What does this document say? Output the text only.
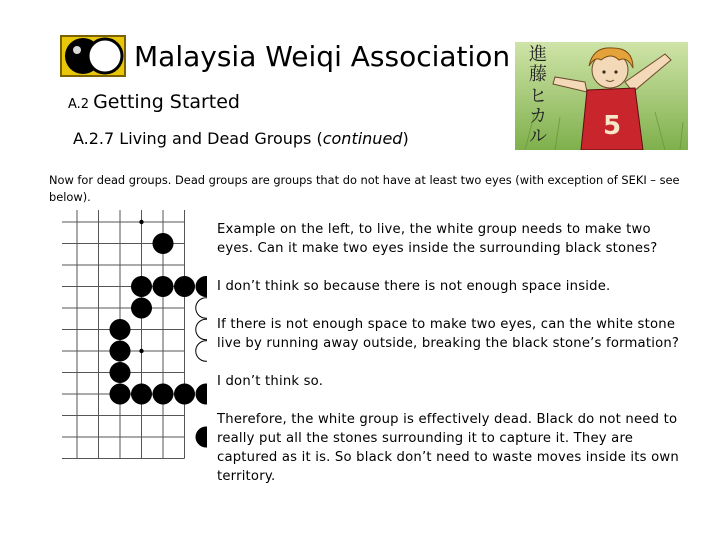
Malaysia Weiqi Association
A.2 Getting Started
A.2.7 Living and Dead Groups (continued)
Now for dead groups. Dead groups are groups that do not have at least two eyes (with exception of SEKI – see below).
進
藤
ヒ
カ
ル 5

Example on the left, to live, the white group needs to make two eyes. Can it make two eyes inside the surrounding black stones?

I don’t think so because there is not enough space inside.

If there is not enough space to make two eyes, can the white stone live by running away outside, breaking the black stone’s formation?

I don’t think so.

Therefore, the white group is effectively dead. Black do not need to really put all the stones surrounding it to capture it. They are captured as it is. So black don’t need to waste moves inside its own territory.
